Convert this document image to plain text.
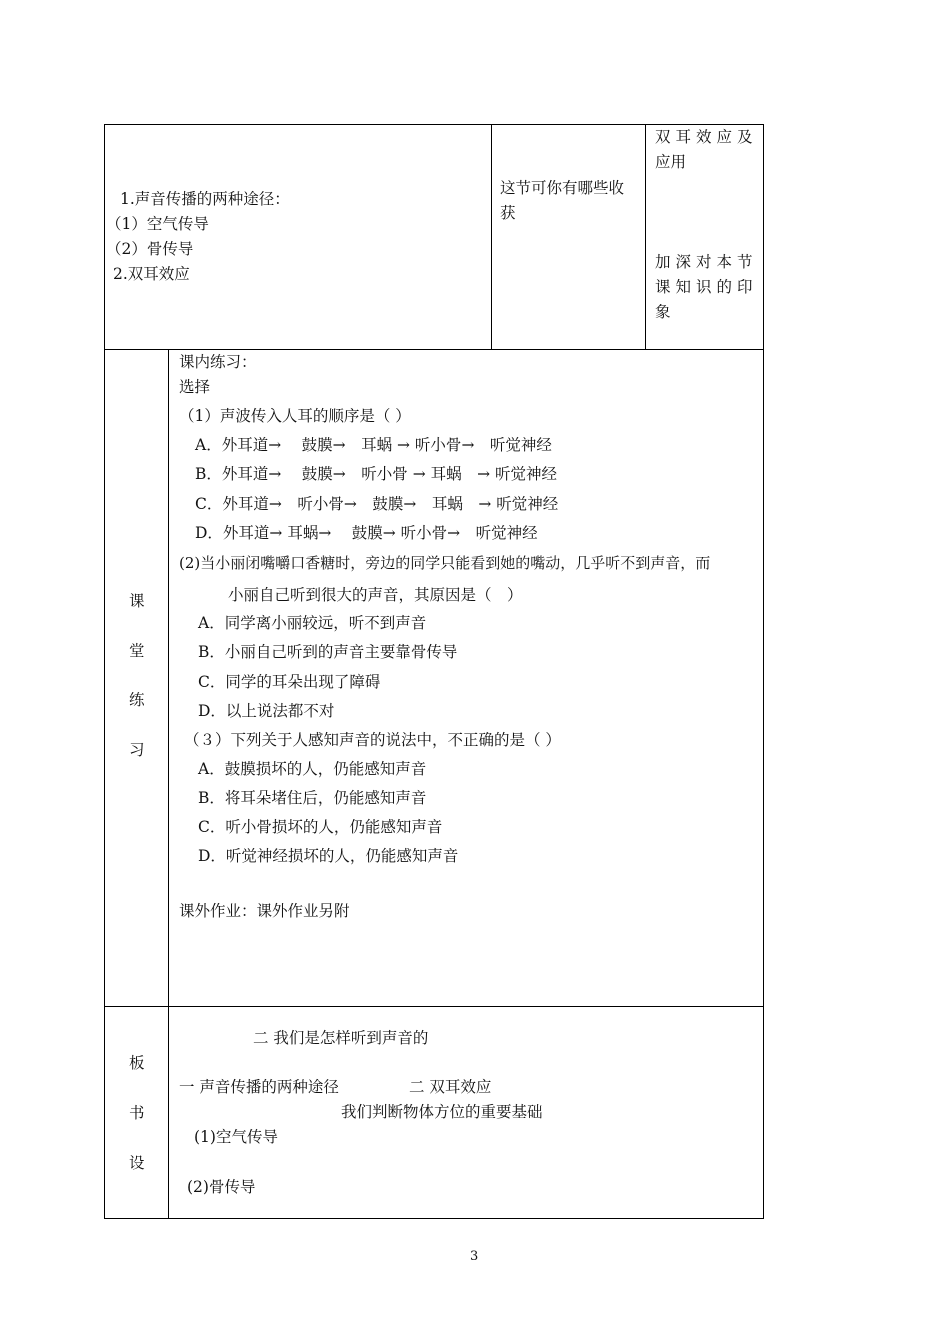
1.声音传播的两种途径：
（1）空气传导
（2）骨传导
2.双耳效应
这节可你有哪些收
获
双耳效应及
应用
加深对本节
课知识的印
象
课
堂
练
习
课内练习：
选择
（1）声波传入人耳的顺序是（ ）
A．外耳道→　 鼓膜→　耳蜗 → 听小骨→　听觉神经
B．外耳道→　 鼓膜→　听小骨 → 耳蜗　→ 听觉神经
C．外耳道→　听小骨→　鼓膜→　耳蜗　→ 听觉神经
D．外耳道→ 耳蜗→　 鼓膜→ 听小骨→　听觉神经
(2)当小丽闭嘴嚼口香糖时，旁边的同学只能看到她的嘴动，几乎听不到声音，而
小丽自己听到很大的声音，其原因是（　）
A．同学离小丽较远，听不到声音
B．小丽自己听到的声音主要靠骨传导
C．同学的耳朵出现了障碍
D．以上说法都不对
（３）下列关于人感知声音的说法中，不正确的是（ ）
A．鼓膜损坏的人，仍能感知声音
B．将耳朵堵住后，仍能感知声音
C．听小骨损坏的人，仍能感知声音
D．听觉神经损坏的人，仍能感知声音
课外作业：课外作业另附
板
书
设
二 我们是怎样听到声音的
一 声音传播的两种途径	二 双耳效应
我们判断物体方位的重要基础
(1)空气传导
(2)骨传导
3
